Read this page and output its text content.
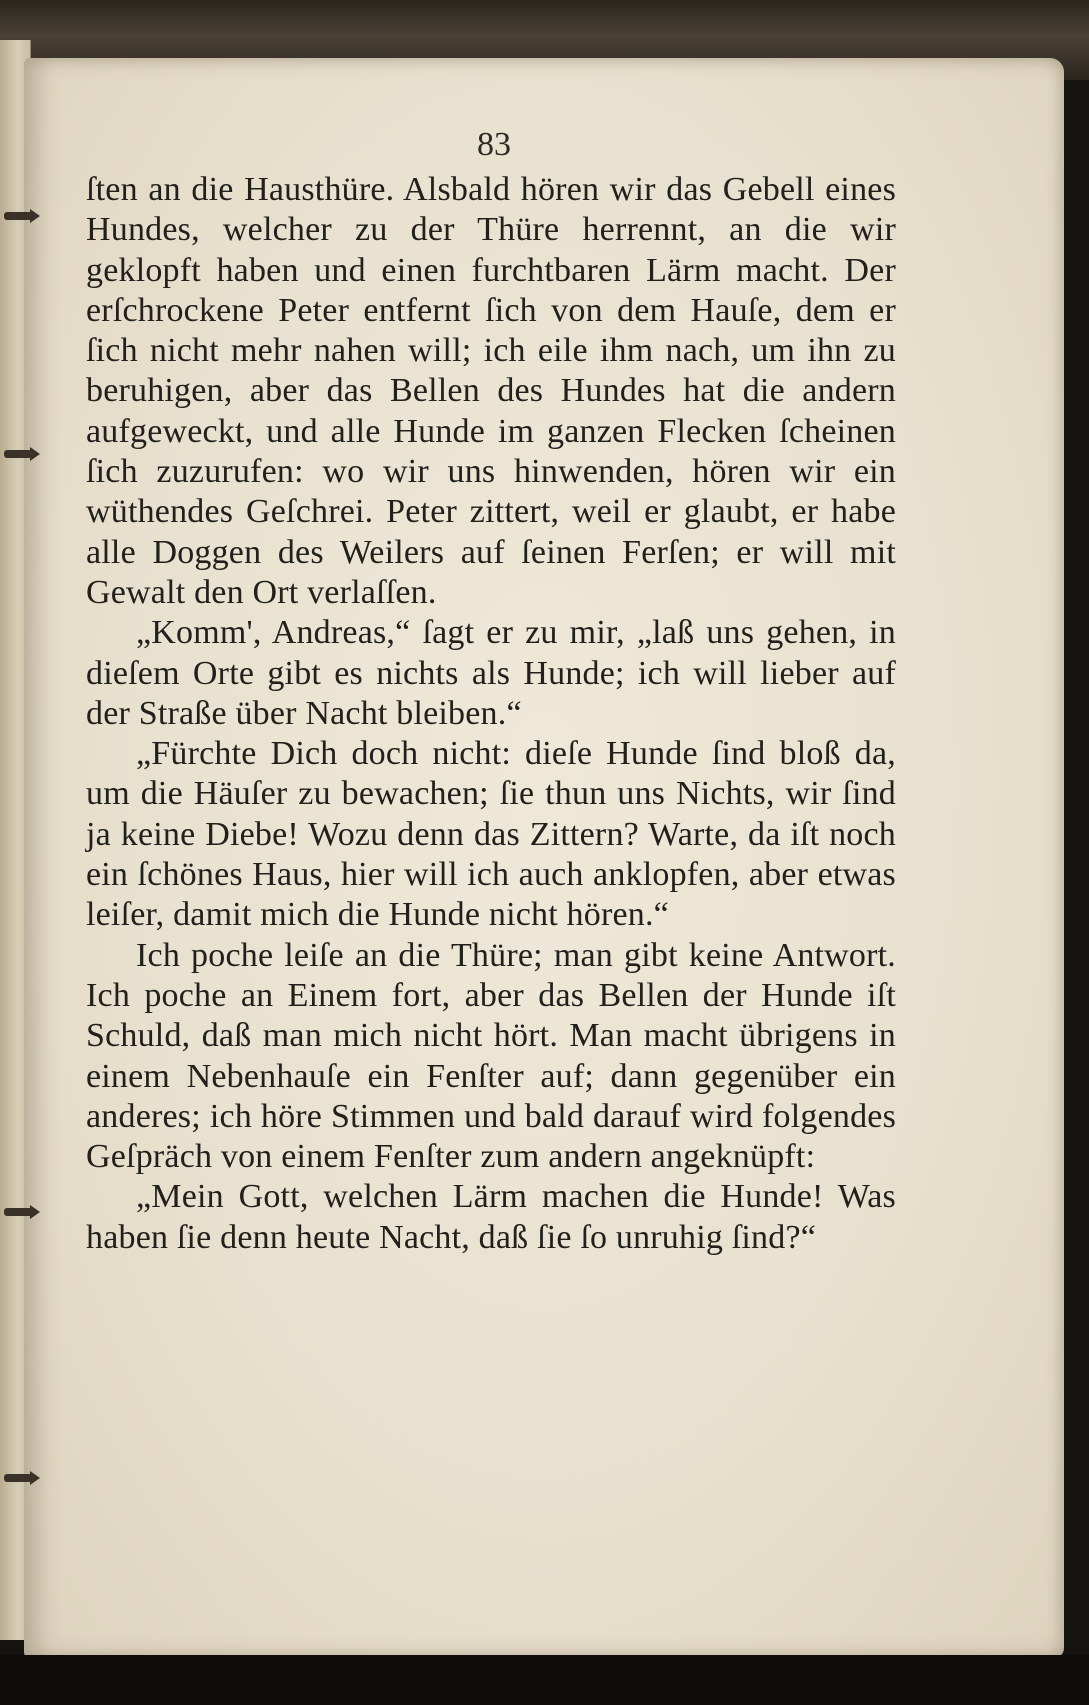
83

ſten an die Hausthüre. Alsbald hören wir das Gebell eines Hundes, welcher zu der Thüre herrennt, an die wir geklopft haben und einen furchtbaren Lärm macht. Der erſchrockene Peter entfernt ſich von dem Hauſe, dem er ſich nicht mehr nahen will; ich eile ihm nach, um ihn zu beruhigen, aber das Bellen des Hundes hat die andern aufgeweckt, und alle Hunde im ganzen Flecken ſcheinen ſich zuzurufen: wo wir uns hinwenden, hören wir ein wüthendes Geſchrei. Peter zittert, weil er glaubt, er habe alle Doggen des Weilers auf ſeinen Ferſen; er will mit Gewalt den Ort verlaſſen.

„Komm', Andreas,“ ſagt er zu mir, „laß uns gehen, in dieſem Orte gibt es nichts als Hunde; ich will lieber auf der Straße über Nacht bleiben.“

„Fürchte Dich doch nicht: dieſe Hunde ſind bloß da, um die Häuſer zu bewachen; ſie thun uns Nichts, wir ſind ja keine Diebe! Wozu denn das Zittern? Warte, da iſt noch ein ſchönes Haus, hier will ich auch anklopfen, aber etwas leiſer, damit mich die Hunde nicht hören.“

Ich poche leiſe an die Thüre; man gibt keine Antwort. Ich poche an Einem fort, aber das Bellen der Hunde iſt Schuld, daß man mich nicht hört. Man macht übrigens in einem Nebenhauſe ein Fenſter auf; dann gegenüber ein anderes; ich höre Stimmen und bald darauf wird folgendes Geſpräch von einem Fenſter zum andern angeknüpft:

„Mein Gott, welchen Lärm machen die Hunde! Was haben ſie denn heute Nacht, daß ſie ſo unruhig ſind?“
